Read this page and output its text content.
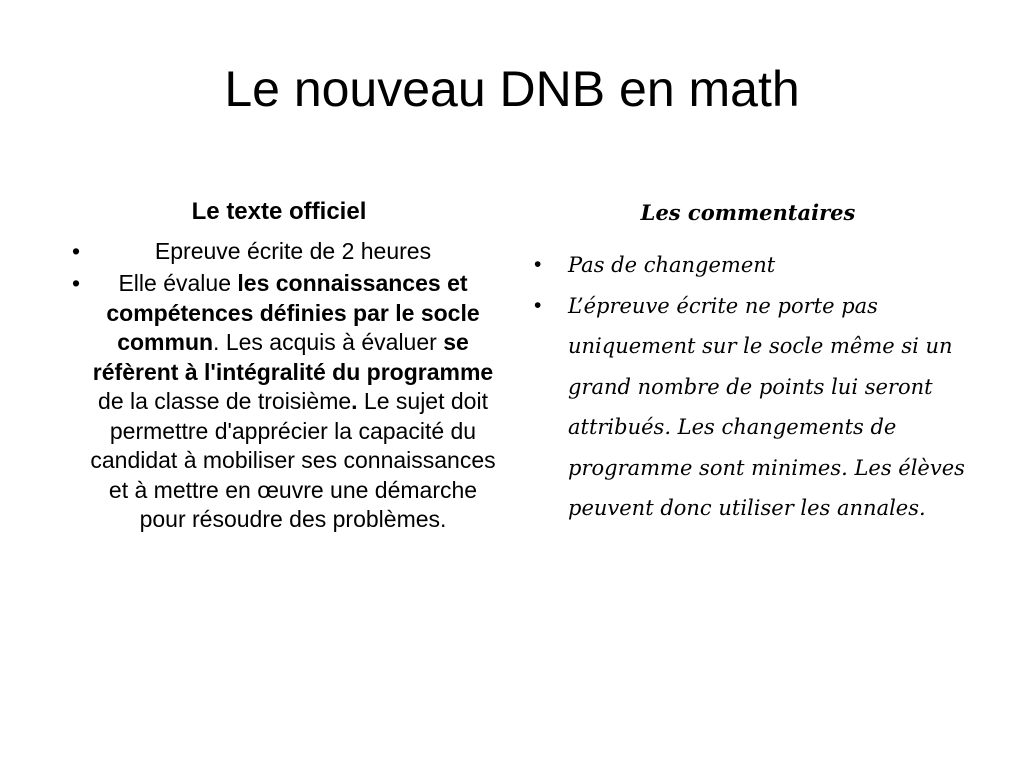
Le nouveau DNB en math
Le texte officiel
•	Epreuve écrite de 2 heures
• Elle évalue les connaissances et compétences définies par le socle commun. Les acquis à évaluer se réfèrent à l'intégralité du programme de la classe de troisième. Le sujet doit permettre d'apprécier la capacité du candidat à mobiliser ses connaissances et à mettre en œuvre une démarche pour résoudre des problèmes.
Les commentaires
• Pas de changement
• L’épreuve écrite ne porte pas uniquement sur le socle même si un grand nombre de points lui seront attribués. Les changements de programme sont minimes. Les élèves peuvent donc utiliser les annales.
